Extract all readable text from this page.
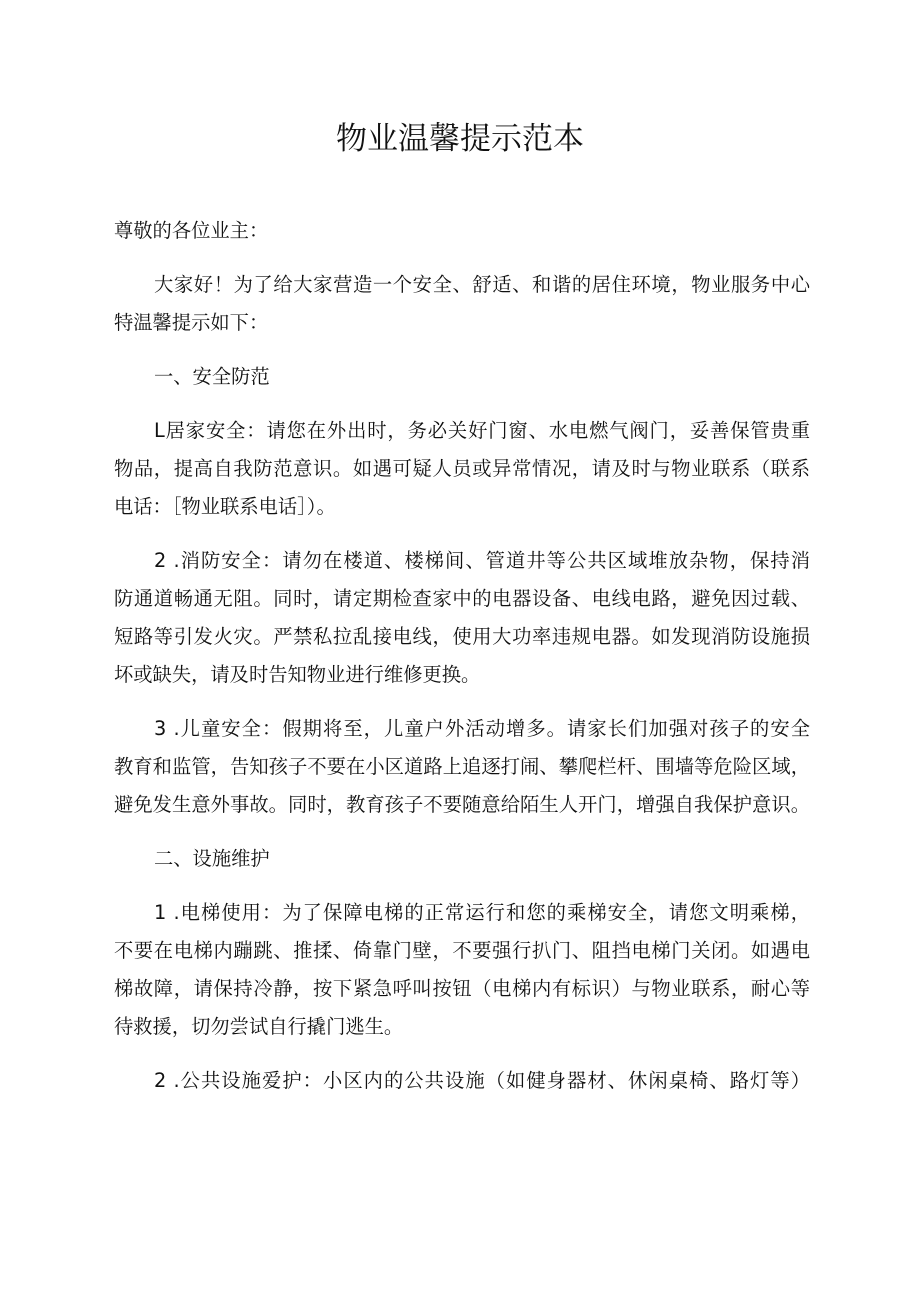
物业温馨提示范本

尊敬的各位业主：

大家好！为了给大家营造一个安全、舒适、和谐的居住环境，物业服务中心
特温馨提示如下：

一、安全防范

L居家安全：请您在外出时，务必关好门窗、水电燃气阀门，妥善保管贵重
物品，提高自我防范意识。如遇可疑人员或异常情况，请及时与物业联系（联系
电话：［物业联系电话］）。

2 .消防安全：请勿在楼道、楼梯间、管道井等公共区域堆放杂物，保持消
防通道畅通无阻。同时，请定期检查家中的电器设备、电线电路，避免因过载、
短路等引发火灾。严禁私拉乱接电线，使用大功率违规电器。如发现消防设施损
坏或缺失，请及时告知物业进行维修更换。

3 .儿童安全：假期将至，儿童户外活动增多。请家长们加强对孩子的安全
教育和监管，告知孩子不要在小区道路上追逐打闹、攀爬栏杆、围墙等危险区域，
避免发生意外事故。同时，教育孩子不要随意给陌生人开门，增强自我保护意识。

二、设施维护

1 .电梯使用：为了保障电梯的正常运行和您的乘梯安全，请您文明乘梯，
不要在电梯内蹦跳、推揉、倚靠门壁，不要强行扒门、阻挡电梯门关闭。如遇电
梯故障，请保持冷静，按下紧急呼叫按钮（电梯内有标识）与物业联系，耐心等
待救援，切勿尝试自行撬门逃生。

2 .公共设施爱护：小区内的公共设施（如健身器材、休闲桌椅、路灯等）
